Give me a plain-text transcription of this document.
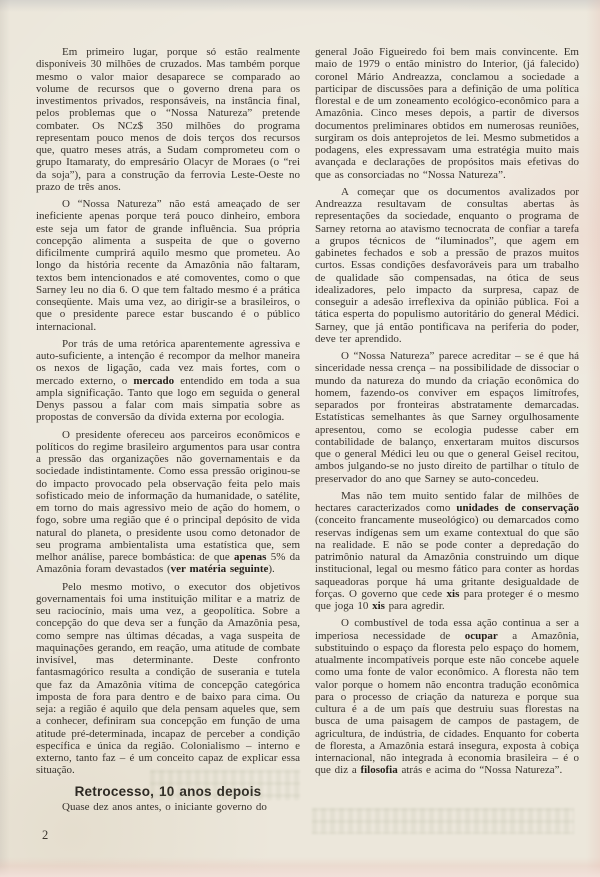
Em primeiro lugar, porque só estão realmente disponíveis 30 milhões de cruzados. Mas também porque mesmo o valor maior desaparece se comparado ao volume de recursos que o governo drena para os investimentos privados, responsáveis, na instância final, pelos problemas que o “Nossa Natureza” pretende combater. Os NCz$ 350 milhões do programa representam pouco menos de dois terços dos recursos que, quatro meses atrás, a Sudam comprometeu com o grupo Itamaraty, do empresário Olacyr de Moraes (o “rei da soja”), para a construção da ferrovia Leste-Oeste no prazo de três anos.

O “Nossa Natureza” não está ameaçado de ser ineficiente apenas porque terá pouco dinheiro, embora este seja um fator de grande influência. Sua própria concepção alimenta a suspeita de que o governo dificilmente cumprirá aquilo mesmo que prometeu. Ao longo da história recente da Amazônia não faltaram, textos bem intencionados e até comoventes, como o que Sarney leu no dia 6. O que tem faltado mesmo é a prática conseqüente. Mais uma vez, ao dirigir-se a brasileiros, o que o presidente parece estar buscando é o público internacional.

Por trás de uma retórica aparentemente agressiva e auto-suficiente, a intenção é recompor da melhor maneira os nexos de ligação, cada vez mais fortes, com o mercado externo, o mercado entendido em toda a sua ampla significação. Tanto que logo em seguida o general Denys passou a falar com mais simpatia sobre as propostas de conversão da dívida externa por ecologia.

O presidente ofereceu aos parceiros econômicos e políticos do regime brasileiro argumentos para usar contra a pressão das organizações não governamentais e da sociedade indistintamente. Como essa pressão originou-se do impacto provocado pela observação feita pelo mais sofisticado meio de informação da humanidade, o satélite, em torno do mais agressivo meio de ação do homem, o fogo, sobre uma região que é o principal depósito de vida natural do planeta, o presidente usou como detonador de seu programa ambientalista uma estatística que, sem melhor análise, parece bombástica: de que apenas 5% da Amazônia foram devastados (ver matéria seguinte).

Pelo mesmo motivo, o executor dos objetivos governamentais foi uma instituição militar e a matriz de seu raciocínio, mais uma vez, a geopolítica. Sobre a concepção do que deva ser a função da Amazônia pesa, como sempre nas últimas décadas, a vaga suspeita de maquinações gerando, em reação, uma atitude de combate invisível, mas determinante. Deste confronto fantasmagórico resulta a condição de suserania e tutela que faz da Amazônia vítima de concepção categórica imposta de fora para dentro e de baixo para cima. Ou seja: a região é aquilo que dela pensam aqueles que, sem a conhecer, definiram sua concepção em função de uma atitude pré-determinada, incapaz de perceber a condição específica e única da região. Colonialismo – interno e externo, tanto faz – é um conceito capaz de explicar essa situação.

Retrocesso, 10 anos depois

Quase dez anos antes, o iniciante governo do

general João Figueiredo foi bem mais convincente. Em maio de 1979 o então ministro do Interior, (já falecido) coronel Mário Andreazza, conclamou a sociedade a participar de discussões para a definição de uma política florestal e de um zoneamento ecológico-econômico para a Amazônia. Cinco meses depois, a partir de diversos documentos preliminares obtidos em numerosas reuniões, surgiram os dois anteprojetos de lei. Mesmo submetidos a podagens, eles expressavam uma estratégia muito mais avançada e declarações de propósitos mais efetivas do que as consorciadas no “Nossa Natureza”.

A começar que os documentos avalizados por Andreazza resultavam de consultas abertas às representações da sociedade, enquanto o programa de Sarney retorna ao atavismo tecnocrata de confiar a tarefa a grupos técnicos de “iluminados”, que agem em gabinetes fechados e sob a pressão de prazos muitos curtos. Essas condições desfavoráveis para um trabalho de qualidade são compensadas, na ótica de seus idealizadores, pelo impacto da surpresa, capaz de conseguir a adesão irreflexiva da opinião pública. Foi a tática esperta do populismo autoritário do general Médici. Sarney, que já então pontificava na periferia do poder, deve ter aprendido.

O “Nossa Natureza” parece acreditar – se é que há sinceridade nessa crença – na possibilidade de dissociar o mundo da natureza do mundo da criação econômica do homem, fazendo-os conviver em espaços limítrofes, separados por fronteiras abstratamente demarcadas. Estatísticas semelhantes às que Sarney orgulhosamente apresentou, como se ecologia pudesse caber em contabilidade de balanço, enxertaram muitos discursos que o general Médici leu ou que o general Geisel recitou, ambos julgando-se no justo direito de partilhar o título de preservador do ano que Sarney se auto-concedeu.

Mas não tem muito sentido falar de milhões de hectares caracterizados como unidades de conservação (conceito francamente museológico) ou demarcados como reservas indígenas sem um exame contextual do que são na realidade. E não se pode conter a depredação do patrimônio natural da Amazônia construindo um dique institucional, legal ou mesmo fático para conter as hordas saqueadoras porque há uma gritante desigualdade de forças. O governo que cede xis para proteger é o mesmo que joga 10 xis para agredir.

O combustível de toda essa ação continua a ser a imperiosa necessidade de ocupar a Amazônia, substituindo o espaço da floresta pelo espaço do homem, atualmente incompatíveis porque este não concebe aquele como uma fonte de valor econômico. A floresta não tem valor porque o homem não encontra tradução econômica para o processo de criação da natureza e porque sua cultura é a de um país que destruiu suas florestas na busca de uma paisagem de campos de pastagem, de agricultura, de indústria, de cidades. Enquanto for coberta de floresta, a Amazônia estará insegura, exposta à cobiça internacional, não integrada à economia brasileira – é o que diz a filosofia atrás e acima do “Nossa Natureza”.

2
